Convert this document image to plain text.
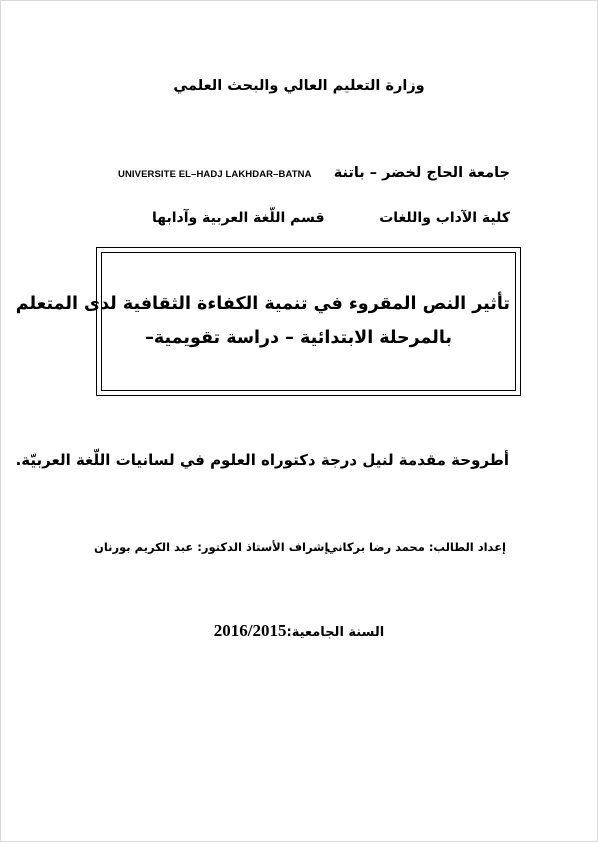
وزارة التعليم العالي والبحث العلمي
جامعة الحاج لخضر – باتنة
UNIVERSITE EL–HADJ LAKHDAR–BATNA
كلية الآداب واللغات
قسم اللّغة العربية وآدابها
تأثير النص المقروء في تنمية الكفاءة الثقافية لدى المتعلم
بالمرحلة الابتدائية – دراسة تقويمية–
أطروحة مقدمة لنيل درجة دكتوراه العلوم في لسانيات اللّغة العربيّة.
إعداد الطالب: محمد رضا بركاني
إشراف الأستاذ الدكتور: عبد الكريم بورنان
السنة الجامعية:2016/2015
